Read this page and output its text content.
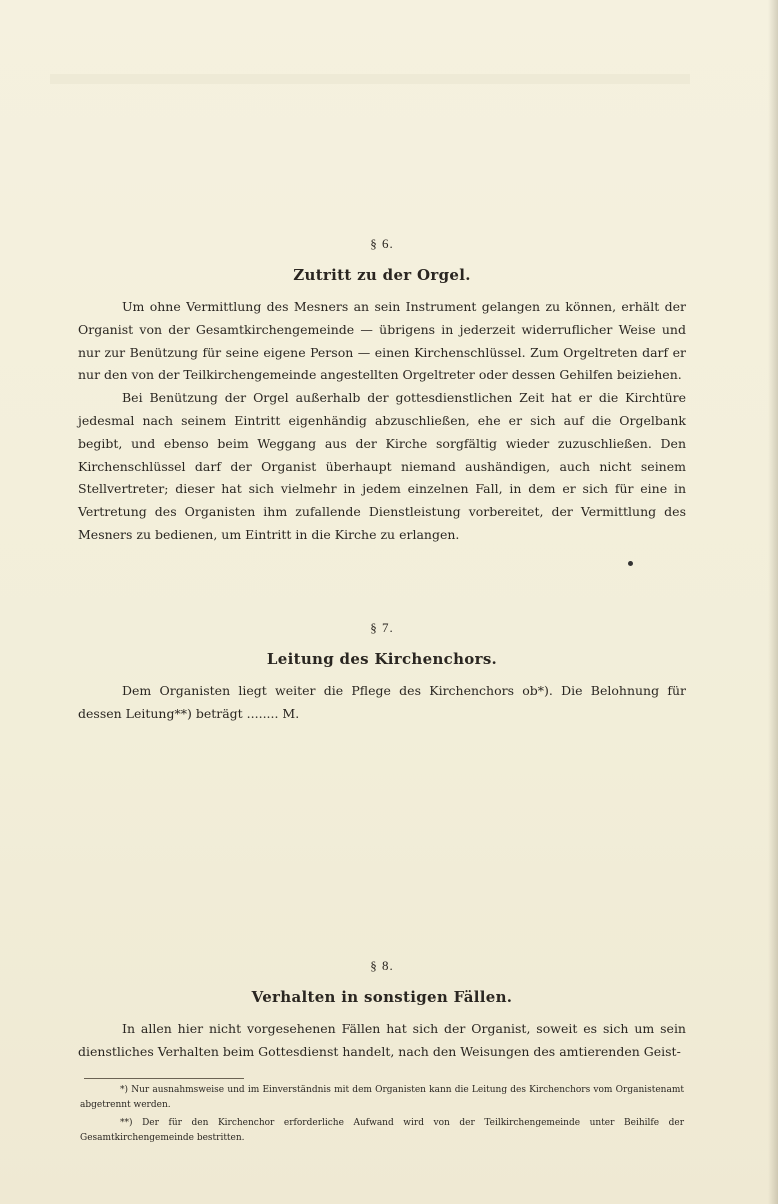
§ 6.

Zutritt zu der Orgel.

Um ohne Vermittlung des Mesners an sein Instrument gelangen zu können, erhält der Organist von der Gesamtkirchengemeinde — übrigens in jederzeit widerruflicher Weise und nur zur Benützung für seine eigene Person — einen Kirchenschlüssel. Zum Orgeltreten darf er nur den von der Teilkirchengemeinde angestellten Orgeltreter oder dessen Gehilfen beiziehen.

Bei Benützung der Orgel außerhalb der gottesdienstlichen Zeit hat er die Kirchtüre jedesmal nach seinem Eintritt eigenhändig abzuschließen, ehe er sich auf die Orgelbank begibt, und ebenso beim Weggang aus der Kirche sorgfältig wieder zuzuschließen. Den Kirchenschlüssel darf der Organist überhaupt niemand aushändigen, auch nicht seinem Stellvertreter; dieser hat sich vielmehr in jedem einzelnen Fall, in dem er sich für eine in Vertretung des Organisten ihm zufallende Dienstleistung vorbereitet, der Vermittlung des Mesners zu bedienen, um Eintritt in die Kirche zu erlangen.

§ 7.

Leitung des Kirchenchors.

Dem Organisten liegt weiter die Pflege des Kirchenchors ob*). Die Belohnung für dessen Leitung**) beträgt ........ M.

§ 8.

Verhalten in sonstigen Fällen.

In allen hier nicht vorgesehenen Fällen hat sich der Organist, soweit es sich um sein dienstliches Verhalten beim Gottesdienst handelt, nach den Weisungen des amtierenden Geist-

*) Nur ausnahmsweise und im Einverständnis mit dem Organisten kann die Leitung des Kirchenchors vom Organistenamt abgetrennt werden.

**) Der für den Kirchenchor erforderliche Aufwand wird von der Teilkirchengemeinde unter Beihilfe der Gesamtkirchengemeinde bestritten.
